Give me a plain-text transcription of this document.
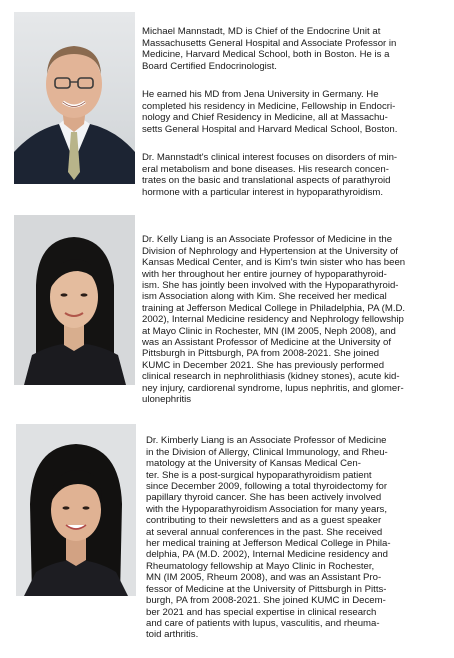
Michael Mannstadt, MD is Chief of the Endocrine Unit at
Massachusetts General Hospital and Associate Professor in
Medicine, Harvard Medical School, both in Boston. He is a
Board Certified Endocrinologist.

He earned his MD from Jena University in Germany. He
completed his residency in Medicine, Fellowship in Endocri-
nology and Chief Residency in Medicine, all at Massachu-
setts General Hospital and Harvard Medical School, Boston.

Dr. Mannstadt's clinical interest focuses on disorders of min-
eral metabolism and bone diseases. His research concen-
trates on the basic and translational aspects of parathyroid
hormone with a particular interest in hypoparathyroidism.

Dr. Kelly Liang is an Associate Professor of Medicine in the
Division of Nephrology and Hypertension at the University of
Kansas Medical Center, and is Kim's twin sister who has been
with her throughout her entire journey of hypoparathyroid-
ism. She has jointly been involved with the Hypoparathyroid-
ism Association along with Kim. She received her medical
training at Jefferson Medical College in Philadelphia, PA (M.D.
2002), Internal Medicine residency and Nephrology fellowship
at Mayo Clinic in Rochester, MN (IM 2005, Neph 2008), and
was an Assistant Professor of Medicine at the University of
Pittsburgh in Pittsburgh, PA from 2008-2021. She joined
KUMC in December 2021. She has previously performed
clinical research in nephrolithiasis (kidney stones), acute kid-
ney injury, cardiorenal syndrome, lupus nephritis, and glomer-
ulonephritis

Dr. Kimberly Liang is an Associate Professor of Medicine
in the Division of Allergy, Clinical Immunology, and Rheu-
matology at the University of Kansas Medical Cen-
ter. She is a post-surgical hypoparathyroidism patient
since December 2009, following a total thyroidectomy for
papillary thyroid cancer. She has been actively involved
with the Hypoparathyroidism Association for many years,
contributing to their newsletters and as a guest speaker
at several annual conferences in the past. She received
her medical training at Jefferson Medical College in Phila-
delphia, PA (M.D. 2002), Internal Medicine residency and
Rheumatology fellowship at Mayo Clinic in Rochester,
MN (IM 2005, Rheum 2008), and was an Assistant Pro-
fessor of Medicine at the University of Pittsburgh in Pitts-
burgh, PA from 2008-2021. She joined KUMC in Decem-
ber 2021 and has special expertise in clinical research
and care of patients with lupus, vasculitis, and rheuma-
toid arthritis.
